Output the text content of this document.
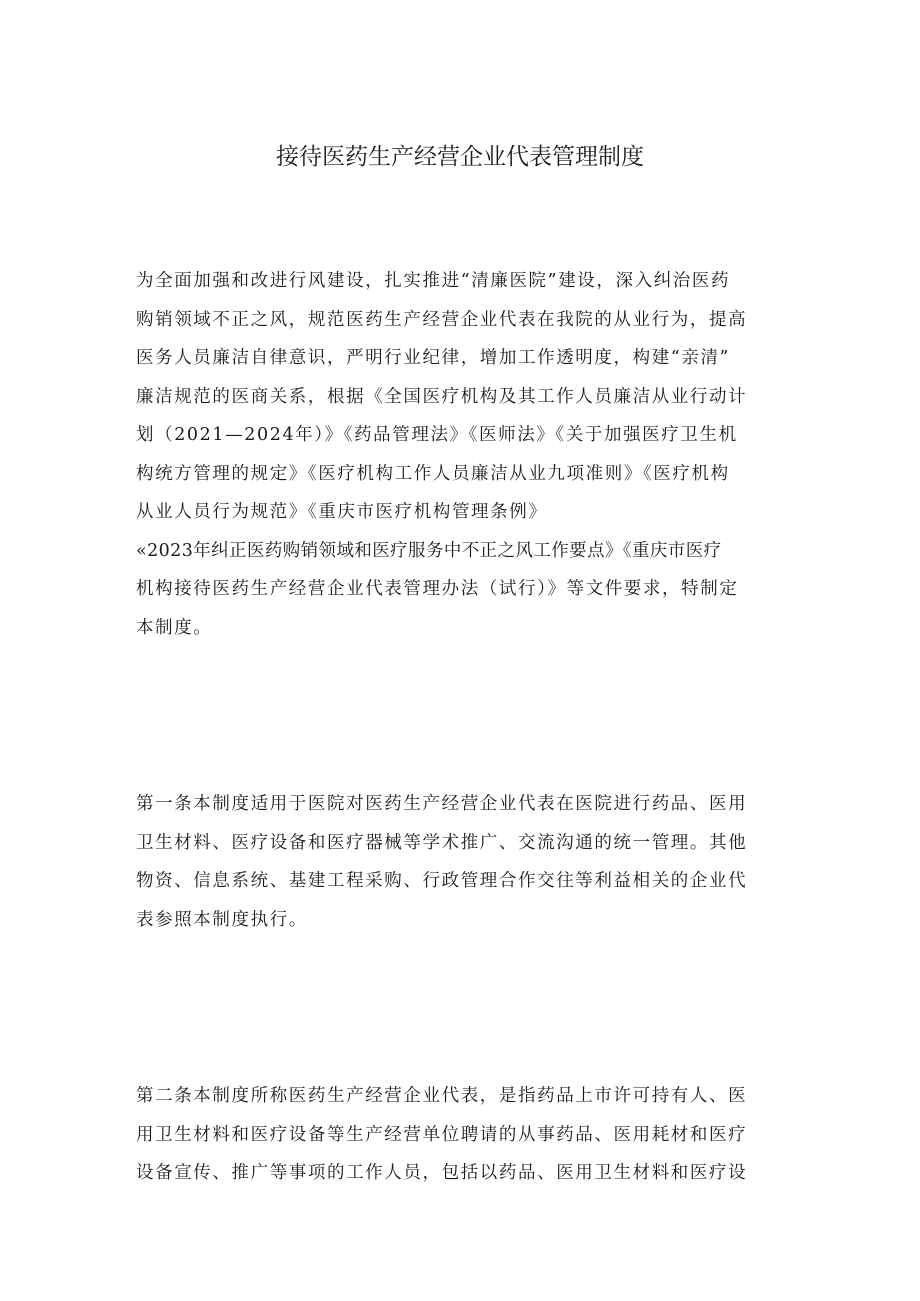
接待医药生产经营企业代表管理制度
为全面加强和改进行风建设，扎实推进“清廉医院”建设，深入纠治医药
购销领域不正之风，规范医药生产经营企业代表在我院的从业行为，提高
医务人员廉洁自律意识，严明行业纪律，增加工作透明度，构建“亲清”
廉洁规范的医商关系，根据《全国医疗机构及其工作人员廉洁从业行动计
划（2021—2024年）》《药品管理法》《医师法》《关于加强医疗卫生机
构统方管理的规定》《医疗机构工作人员廉洁从业九项准则》《医疗机构
从业人员行为规范》《重庆市医疗机构管理条例》
«2023年纠正医药购销领域和医疗服务中不正之风工作要点》《重庆市医疗
机构接待医药生产经营企业代表管理办法（试行）》等文件要求，特制定
本制度。
第一条本制度适用于医院对医药生产经营企业代表在医院进行药品、医用
卫生材料、医疗设备和医疗器械等学术推广、交流沟通的统一管理。其他
物资、信息系统、基建工程采购、行政管理合作交往等利益相关的企业代
表参照本制度执行。
第二条本制度所称医药生产经营企业代表，是指药品上市许可持有人、医
用卫生材料和医疗设备等生产经营单位聘请的从事药品、医用耗材和医疗
设备宣传、推广等事项的工作人员，包括以药品、医用卫生材料和医疗设
